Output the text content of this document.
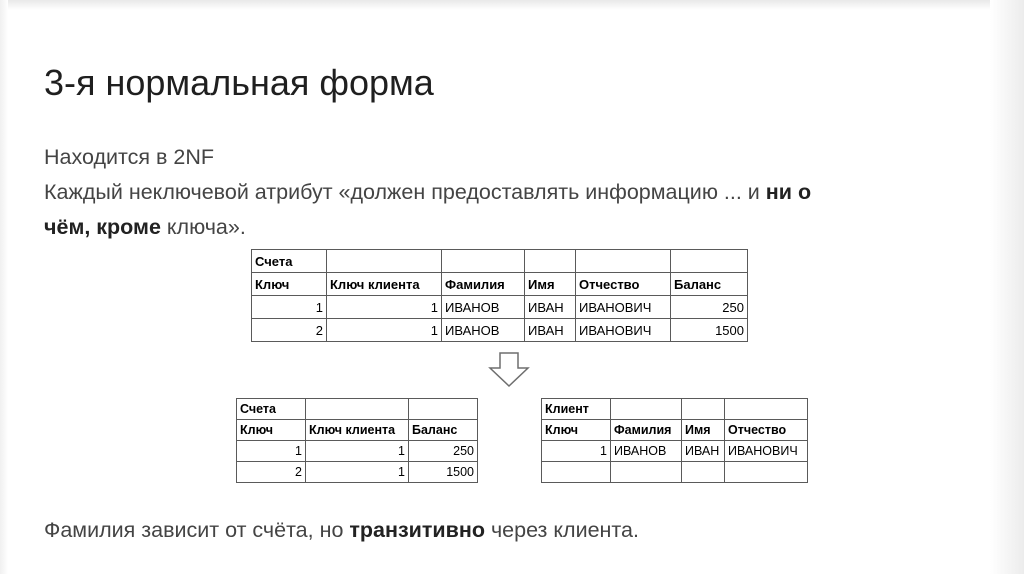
3-я нормальная форма

Находится в 2NF

Каждый неключевой атрибут «должен предоставлять информацию ... и ни о

чём, кроме ключа».

Счета					
Ключ	Ключ клиента	Фамилия	Имя	Отчество	Баланс
1	1	ИВАНОВ	ИВАН	ИВАНОВИЧ	250
2	1	ИВАНОВ	ИВАН	ИВАНОВИЧ	1500
Счета		
Ключ	Ключ клиента	Баланс
1	1	250
2	1	1500
Клиент			
Ключ	Фамилия	Имя	Отчество
1	ИВАНОВ	ИВАН	ИВАНОВИЧ

Фамилия зависит от счёта, но транзитивно через клиента.
